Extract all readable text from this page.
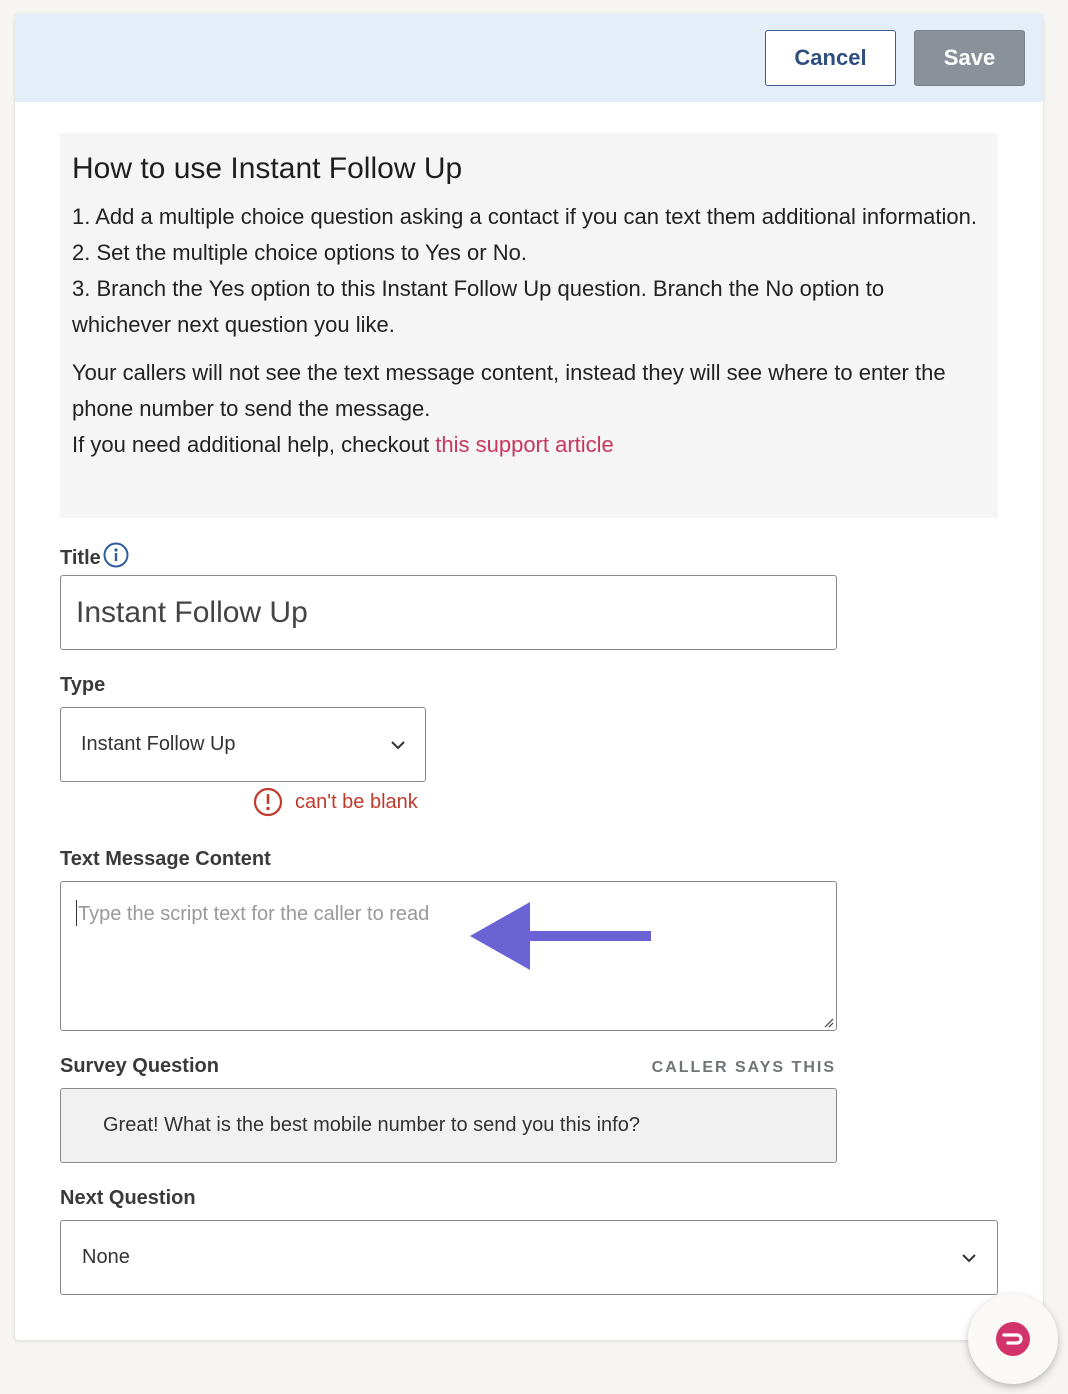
Cancel	Save
How to use Instant Follow Up

1. Add a multiple choice question asking a contact if you can text them additional information.

2. Set the multiple choice options to Yes or No.

3. Branch the Yes option to this Instant Follow Up question. Branch the No option to whichever next question you like.

Your callers will not see the text message content, instead they will see where to enter the phone number to send the message.

If you need additional help, checkout this support article

Title
Instant Follow Up
Type
Instant Follow Up
can't be blank
Text Message Content
Type the script text for the caller to read
Survey Question	CALLER SAYS THIS
Great! What is the best mobile number to send you this info?
Next Question
None
